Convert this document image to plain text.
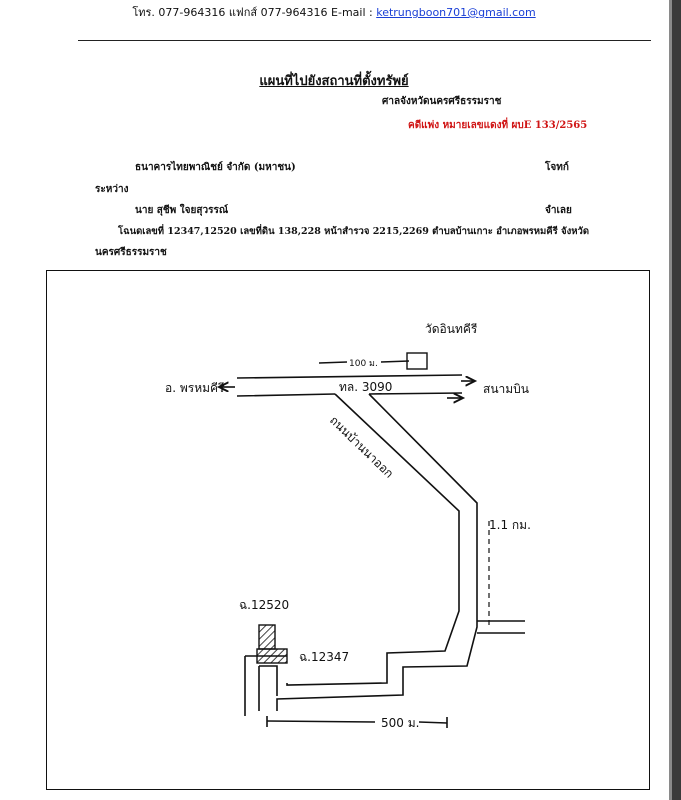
โทร. 077-964316 แฟกส์ 077-964316 E-mail : ketrungboon701@gmail.com
แผนที่ไปยังสถานที่ตั้งทรัพย์
ศาลจังหวัดนครศรีธรรมราช
คดีแพ่ง หมายเลขแดงที่ ผบE 133/2565
ธนาคารไทยพาณิชย์ จำกัด (มหาชน)	โจทก์
ระหว่าง
นาย สุชีพ ใจยสุวรรณ์	จำเลย
โฉนดเลขที่ 12347,12520 เลขที่ดิน 138,228 หน้าสำรวจ 2215,2269 ตำบลบ้านเกาะ อำเภอพรหมคีรี จังหวัด
นครศรีธรรมราช
วัดอินทคีรี
100 ม.
อ. พรหมคีรี	ทล. 3090	สนามบิน
ถนนบ้านนาออก
1.1 กม.
ฉ.12520
ฉ.12347
500 ม.
